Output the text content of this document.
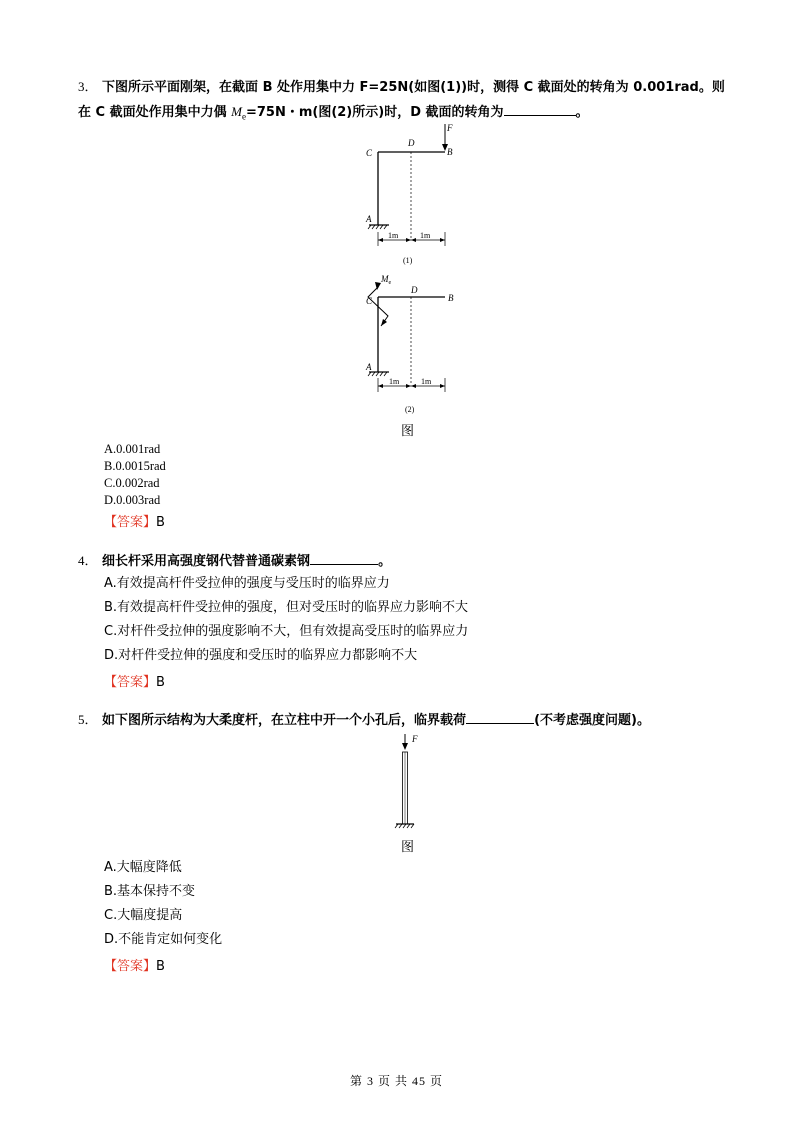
3． 下图所示平面刚架，在截面 B 处作用集中力 F=25N(如图(1))时，测得 C 截面处的转角为 0.001rad。则
在 C 截面处作用集中力偶 $M_e=75N$・m(图(2)所示)时，D 截面的转角为	。
F
C
D
B
A
1m	1m
(1)
$M_e$
C
D
B
A
1m	1m
(2)
图
A.0.001rad
B.0.0015rad
C.0.002rad
D.0.003rad
【答案】B
4． 细长杆采用高强度钢代替普通碳素钢	。
A.有效提高杆件受拉伸的强度与受压时的临界应力
B.有效提高杆件受拉伸的强度，但对受压时的临界应力影响不大
C.对杆件受拉伸的强度影响不大，但有效提高受压时的临界应力
D.对杆件受拉伸的强度和受压时的临界应力都影响不大
【答案】B
5． 如下图所示结构为大柔度杆，在立柱中开一个小孔后，临界载荷	(不考虑强度问题)。
F
图
A.大幅度降低
B.基本保持不变
C.大幅度提高
D.不能肯定如何变化
【答案】B
第 3 页 共 45 页
